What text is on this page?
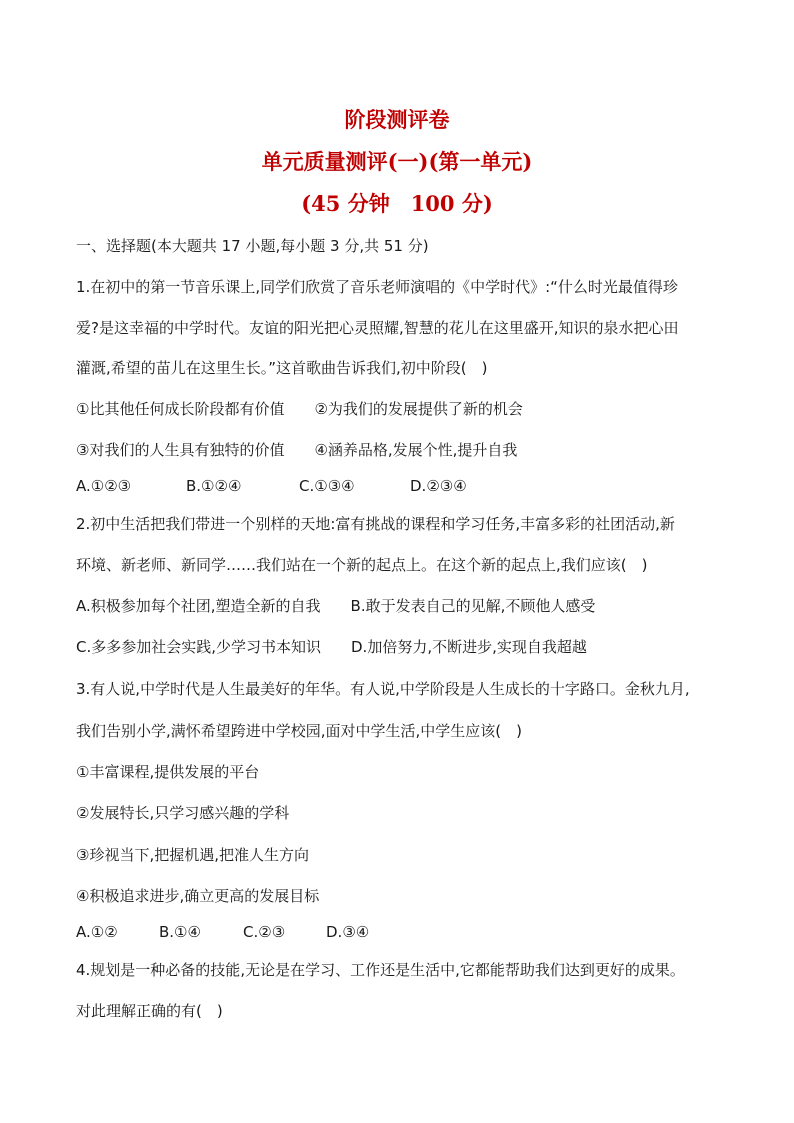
阶段测评卷
单元质量测评(一)(第一单元)
(45 分钟　100 分)
一、选择题(本大题共 17 小题,每小题 3 分,共 51 分)
1.在初中的第一节音乐课上,同学们欣赏了音乐老师演唱的《中学时代》:“什么时光最值得珍
爱?是这幸福的中学时代。友谊的阳光把心灵照耀,智慧的花儿在这里盛开,知识的泉水把心田
灌溉,希望的苗儿在这里生长。”这首歌曲告诉我们,初中阶段(　)
①比其他任何成长阶段都有价值　　②为我们的发展提供了新的机会
③对我们的人生具有独特的价值　　④涵养品格,发展个性,提升自我
A.①②③	B.①②④	C.①③④	D.②③④
2.初中生活把我们带进一个别样的天地:富有挑战的课程和学习任务,丰富多彩的社团活动,新
环境、新老师、新同学……我们站在一个新的起点上。在这个新的起点上,我们应该(　)
A.积极参加每个社团,塑造全新的自我　　B.敢于发表自己的见解,不顾他人感受
C.多多参加社会实践,少学习书本知识　　D.加倍努力,不断进步,实现自我超越
3.有人说,中学时代是人生最美好的年华。有人说,中学阶段是人生成长的十字路口。金秋九月,
我们告别小学,满怀希望跨进中学校园,面对中学生活,中学生应该(　)
①丰富课程,提供发展的平台
②发展特长,只学习感兴趣的学科
③珍视当下,把握机遇,把准人生方向
④积极追求进步,确立更高的发展目标
A.①②	B.①④	C.②③	D.③④
4.规划是一种必备的技能,无论是在学习、工作还是生活中,它都能帮助我们达到更好的成果。
对此理解正确的有(　)
